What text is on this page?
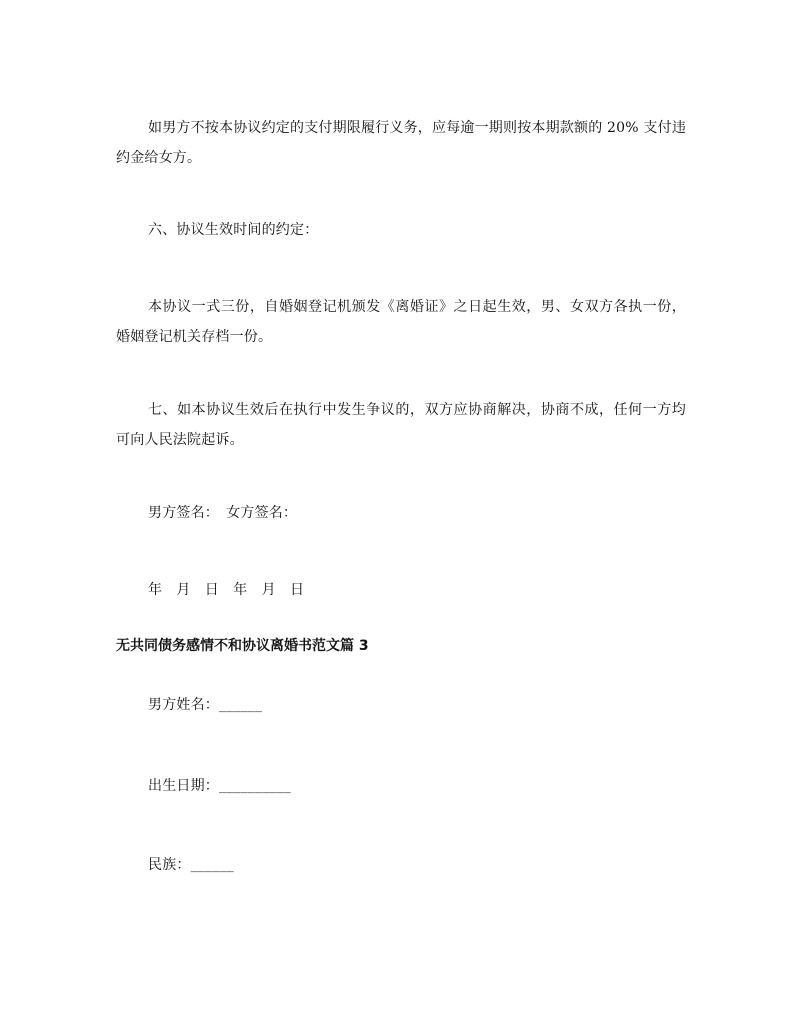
如男方不按本协议约定的支付期限履行义务，应每逾一期则按本期款额的 20% 支付违约金给女方。

六、协议生效时间的约定：

本协议一式三份，自婚姻登记机颁发《离婚证》之日起生效，男、女双方各执一份，婚姻登记机关存档一份。

七、如本协议生效后在执行中发生争议的，双方应协商解决，协商不成，任何一方均可向人民法院起诉。

男方签名：　女方签名：

年　月　日　年　月　日

无共同债务感情不和协议离婚书范文篇 3

男方姓名：______

出生日期：__________

民族：______
